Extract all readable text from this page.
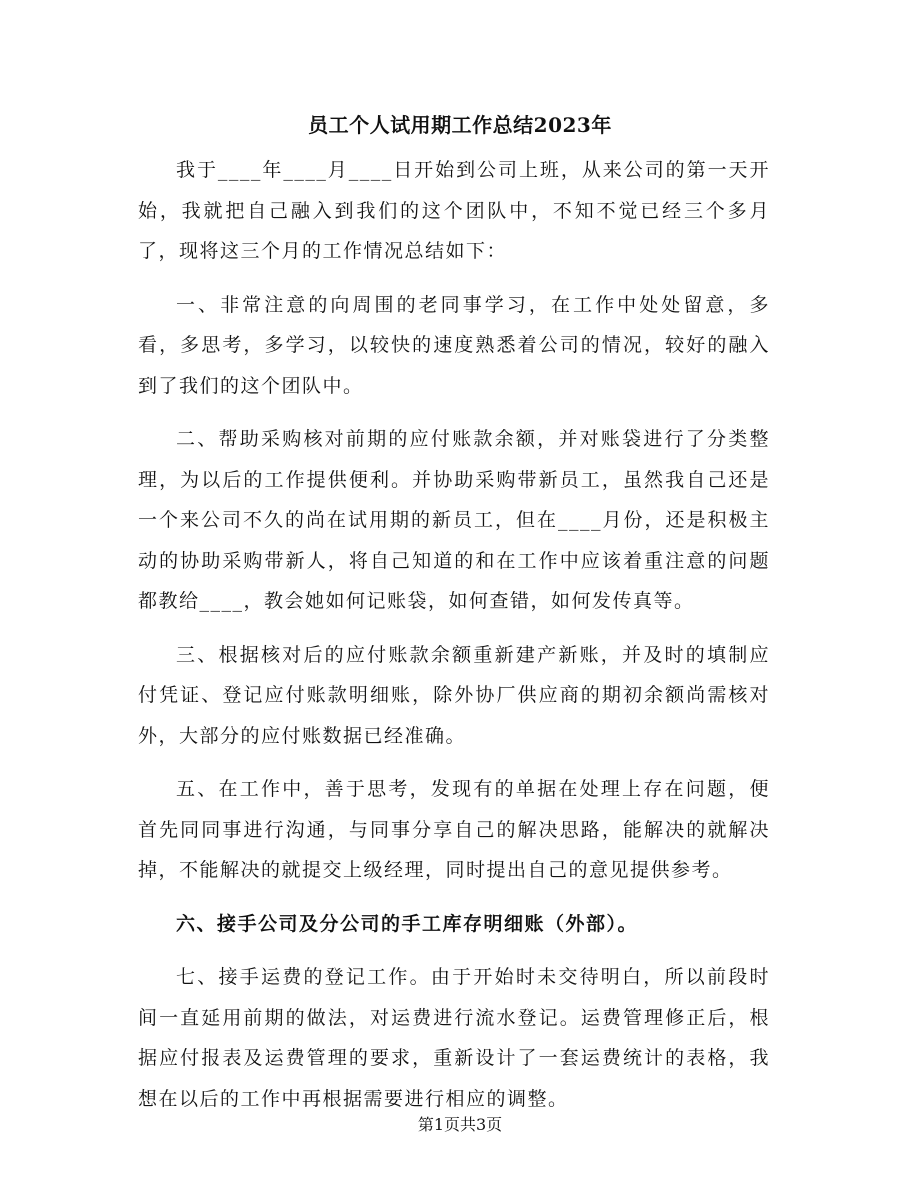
员工个人试用期工作总结2023年

我于____年____月____日开始到公司上班，从来公司的第一天开始，我就把自己融入到我们的这个团队中，不知不觉已经三个多月了，现将这三个月的工作情况总结如下：

一、非常注意的向周围的老同事学习，在工作中处处留意，多看，多思考，多学习，以较快的速度熟悉着公司的情况，较好的融入到了我们的这个团队中。

二、帮助采购核对前期的应付账款余额，并对账袋进行了分类整理，为以后的工作提供便利。并协助采购带新员工，虽然我自己还是一个来公司不久的尚在试用期的新员工，但在____月份，还是积极主动的协助采购带新人，将自己知道的和在工作中应该着重注意的问题都教给____，教会她如何记账袋，如何查错，如何发传真等。

三、根据核对后的应付账款余额重新建产新账，并及时的填制应付凭证、登记应付账款明细账，除外协厂供应商的期初余额尚需核对外，大部分的应付账数据已经准确。

五、在工作中，善于思考，发现有的单据在处理上存在问题，便首先同同事进行沟通，与同事分享自己的解决思路，能解决的就解决掉，不能解决的就提交上级经理，同时提出自己的意见提供参考。

六、接手公司及分公司的手工库存明细账（外部）。

七、接手运费的登记工作。由于开始时未交待明白，所以前段时间一直延用前期的做法，对运费进行流水登记。运费管理修正后，根据应付报表及运费管理的要求，重新设计了一套运费统计的表格，我想在以后的工作中再根据需要进行相应的调整。

第1页共3页
